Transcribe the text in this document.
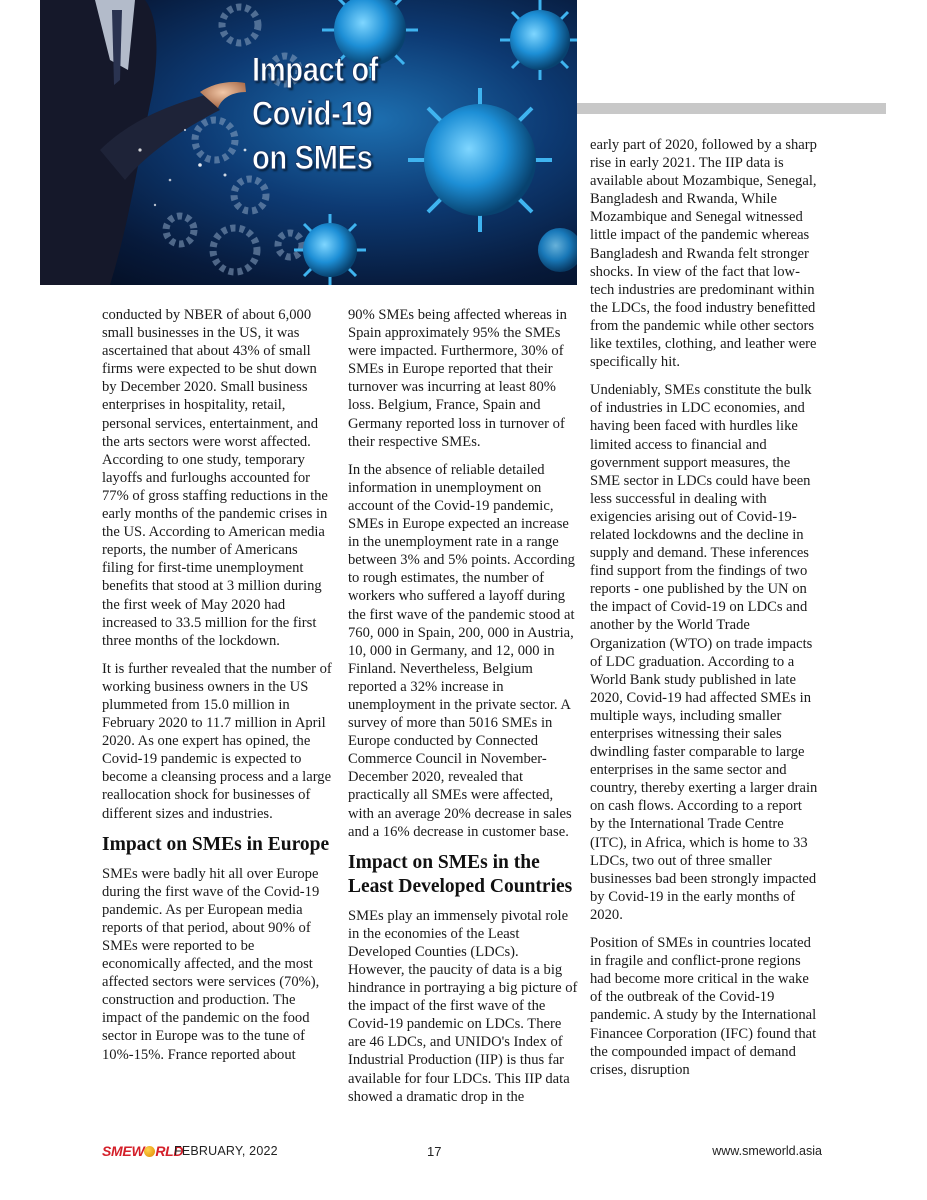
Impact of
Covid-19
on SMEs

conducted by NBER of about 6,000 small businesses in the US, it was ascertained that about 43% of small firms were expected to be shut down by December 2020. Small business enterprises in hospitality, retail, personal services, entertainment, and the arts sectors were worst affected. According to one study, temporary layoffs and furloughs accounted for 77% of gross staffing reductions in the early months of the pandemic crises in the US. According to American media reports, the number of Americans filing for first-time unemployment benefits that stood at 3 million during the first week of May 2020 had increased to 33.5 million for the first three months of the lockdown.

It is further revealed that the number of working business owners in the US plummeted from 15.0 million in February 2020 to 11.7 million in April 2020. As one expert has opined, the Covid-19 pandemic is expected to become a cleansing process and a large reallocation shock for businesses of different sizes and industries.

Impact on SMEs in Europe

SMEs were badly hit all over Europe during the first wave of the Covid-19 pandemic. As per European media reports of that period, about 90% of SMEs were reported to be economically affected, and the most affected sectors were services (70%), construction and production. The impact of the pandemic on the food sector in Europe was to the tune of 10%-15%. France reported about

90% SMEs being affected whereas in Spain approximately 95% the SMEs were impacted. Furthermore, 30% of SMEs in Europe reported that their turnover was incurring at least 80% loss. Belgium, France, Spain and Germany reported loss in turnover of their respective SMEs.

In the absence of reliable detailed information in unemployment on account of the Covid-19 pandemic, SMEs in Europe expected an increase in the unemployment rate in a range between 3% and 5% points. According to rough estimates, the number of workers who suffered a layoff during the first wave of the pandemic stood at 760, 000 in Spain, 200, 000 in Austria, 10, 000 in Germany, and 12, 000 in Finland. Nevertheless, Belgium reported a 32% increase in unemployment in the private sector. A survey of more than 5016 SMEs in Europe conducted by Connected Commerce Council in November-December 2020, revealed that practically all SMEs were affected, with an average 20% decrease in sales and a 16% decrease in customer base.

Impact on SMEs in the Least Developed Countries

SMEs play an immensely pivotal role in the economies of the Least Developed Counties (LDCs). However, the paucity of data is a big hindrance in portraying a big picture of the impact of the first wave of the Covid-19 pandemic on LDCs. There are 46 LDCs, and UNIDO's Index of Industrial Production (IIP) is thus far available for four LDCs. This IIP data showed a dramatic drop in the

early part of 2020, followed by a sharp rise in early 2021. The IIP data is available about Mozambique, Senegal, Bangladesh and Rwanda, While Mozambique and Senegal witnessed little impact of the pandemic whereas Bangladesh and Rwanda felt stronger shocks. In view of the fact that low-tech industries are predominant within the LDCs, the food industry benefitted from the pandemic while other sectors like textiles, clothing, and leather were specifically hit.

Undeniably, SMEs constitute the bulk of industries in LDC economies, and having been faced with hurdles like limited access to financial and government support measures, the SME sector in LDCs could have been less successful in dealing with exigencies arising out of Covid-19-related lockdowns and the decline in supply and demand. These inferences find support from the findings of two reports - one published by the UN on the impact of Covid-19 on LDCs and another by the World Trade Organization (WTO) on trade impacts of LDC graduation. According to a World Bank study published in late 2020, Covid-19 had affected SMEs in multiple ways, including smaller enterprises witnessing their sales dwindling faster comparable to large enterprises in the same sector and country, thereby exerting a larger drain on cash flows. According to a report by the International Trade Centre (ITC), in Africa, which is home to 33 LDCs, two out of three smaller businesses bad been strongly impacted by Covid-19 in the early months of 2020.

Position of SMEs in countries located in fragile and conflict-prone regions had become more critical in the wake of the outbreak of the Covid-19 pandemic. A study by the International Financee Corporation (IFC) found that the compounded impact of demand crises, disruption

SMEW RLD
FEBRUARY, 2022	17	www.smeworld.asia
